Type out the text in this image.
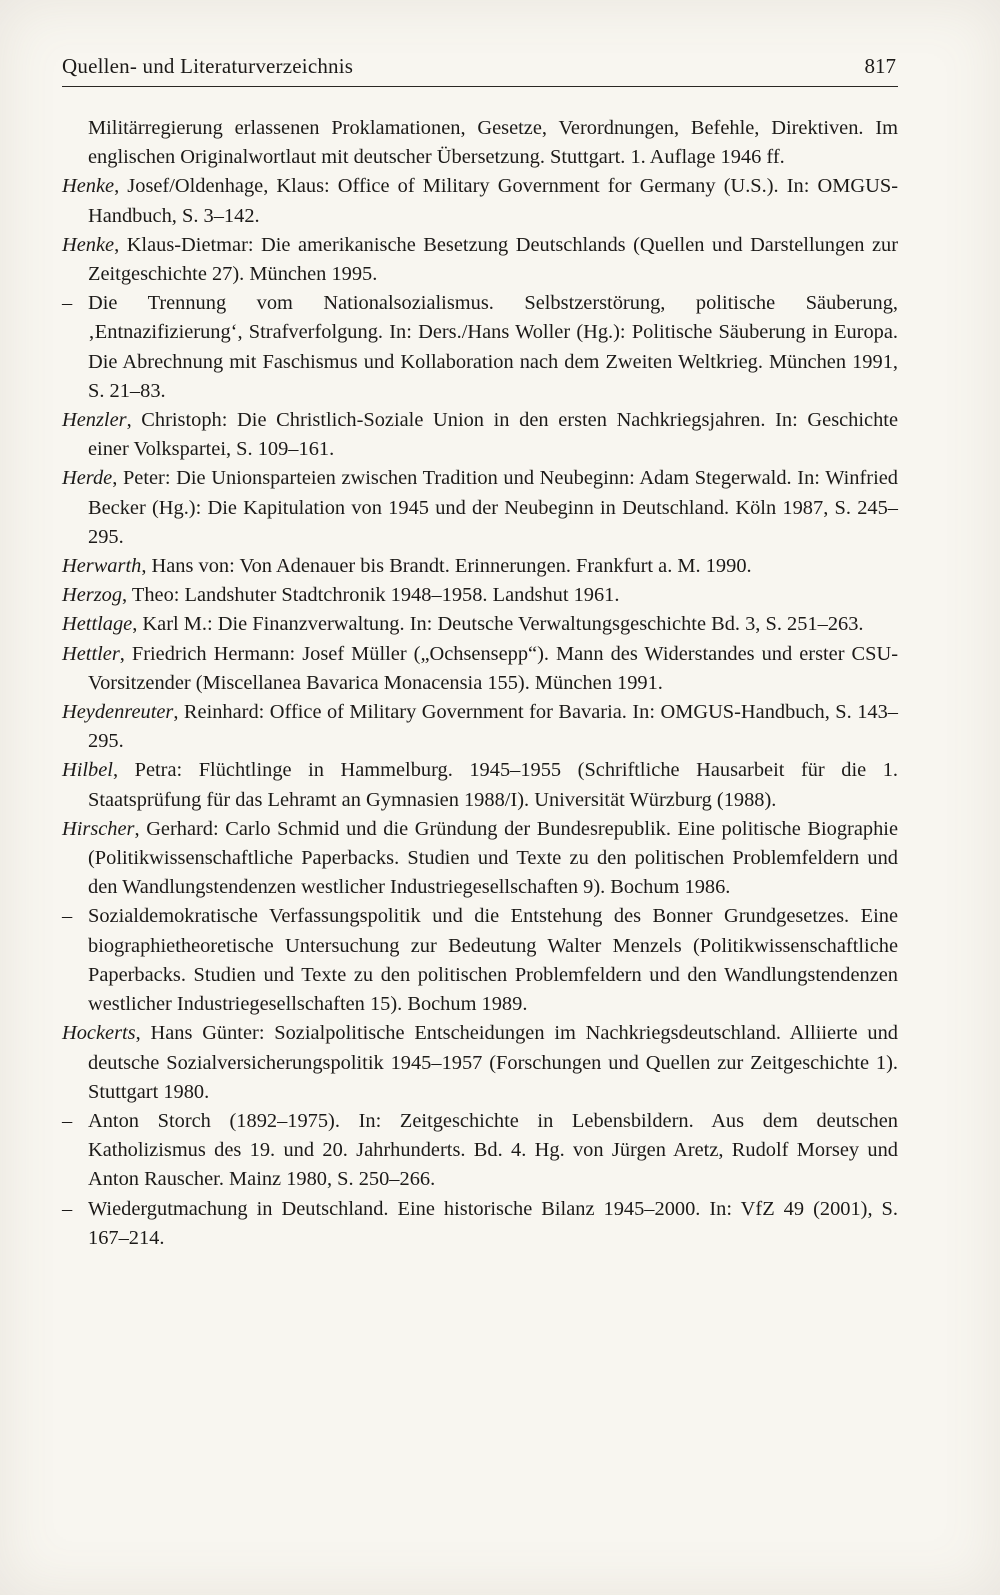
Quellen- und Literaturverzeichnis	817

Militärregierung erlassenen Proklamationen, Gesetze, Verordnungen, Befehle, Direktiven. Im englischen Originalwortlaut mit deutscher Übersetzung. Stuttgart. 1. Auflage 1946 ff.

Henke, Josef/Oldenhage, Klaus: Office of Military Government for Germany (U.S.). In: OMGUS-Handbuch, S. 3–142.

Henke, Klaus-Dietmar: Die amerikanische Besetzung Deutschlands (Quellen und Darstellungen zur Zeitgeschichte 27). München 1995.

– Die Trennung vom Nationalsozialismus. Selbstzerstörung, politische Säuberung, ‚Entnazifizierung‘, Strafverfolgung. In: Ders./Hans Woller (Hg.): Politische Säuberung in Europa. Die Abrechnung mit Faschismus und Kollaboration nach dem Zweiten Weltkrieg. München 1991, S. 21–83.

Henzler, Christoph: Die Christlich-Soziale Union in den ersten Nachkriegsjahren. In: Geschichte einer Volkspartei, S. 109–161.

Herde, Peter: Die Unionsparteien zwischen Tradition und Neubeginn: Adam Stegerwald. In: Winfried Becker (Hg.): Die Kapitulation von 1945 und der Neubeginn in Deutschland. Köln 1987, S. 245–295.

Herwarth, Hans von: Von Adenauer bis Brandt. Erinnerungen. Frankfurt a. M. 1990.

Herzog, Theo: Landshuter Stadtchronik 1948–1958. Landshut 1961.

Hettlage, Karl M.: Die Finanzverwaltung. In: Deutsche Verwaltungsgeschichte Bd. 3, S. 251–263.

Hettler, Friedrich Hermann: Josef Müller („Ochsensepp“). Mann des Widerstandes und erster CSU-Vorsitzender (Miscellanea Bavarica Monacensia 155). München 1991.

Heydenreuter, Reinhard: Office of Military Government for Bavaria. In: OMGUS-Handbuch, S. 143–295.

Hilbel, Petra: Flüchtlinge in Hammelburg. 1945–1955 (Schriftliche Hausarbeit für die 1. Staatsprüfung für das Lehramt an Gymnasien 1988/I). Universität Würzburg (1988).

Hirscher, Gerhard: Carlo Schmid und die Gründung der Bundesrepublik. Eine politische Biographie (Politikwissenschaftliche Paperbacks. Studien und Texte zu den politischen Problemfeldern und den Wandlungstendenzen westlicher Industriegesellschaften 9). Bochum 1986.

– Sozialdemokratische Verfassungspolitik und die Entstehung des Bonner Grundgesetzes. Eine biographietheoretische Untersuchung zur Bedeutung Walter Menzels (Politikwissenschaftliche Paperbacks. Studien und Texte zu den politischen Problemfeldern und den Wandlungstendenzen westlicher Industriegesellschaften 15). Bochum 1989.

Hockerts, Hans Günter: Sozialpolitische Entscheidungen im Nachkriegsdeutschland. Alliierte und deutsche Sozialversicherungspolitik 1945–1957 (Forschungen und Quellen zur Zeitgeschichte 1). Stuttgart 1980.

– Anton Storch (1892–1975). In: Zeitgeschichte in Lebensbildern. Aus dem deutschen Katholizismus des 19. und 20. Jahrhunderts. Bd. 4. Hg. von Jürgen Aretz, Rudolf Morsey und Anton Rauscher. Mainz 1980, S. 250–266.

– Wiedergutmachung in Deutschland. Eine historische Bilanz 1945–2000. In: VfZ 49 (2001), S. 167–214.
